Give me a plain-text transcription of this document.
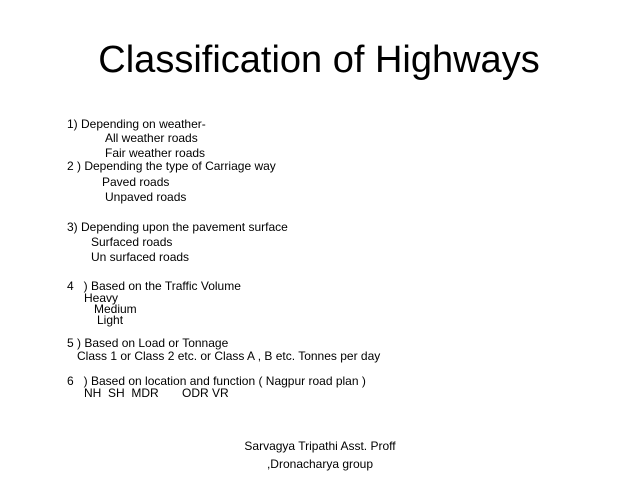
Classification of Highways
1) Depending on weather-
All weather roads
Fair weather roads
2 ) Depending the type of Carriage way
Paved roads
Unpaved roads
3) Depending upon the pavement surface
Surfaced roads
Un surfaced roads
4   ) Based on the Traffic Volume
Heavy
Medium
Light
5 ) Based on Load or Tonnage
Class 1 or Class 2 etc. or Class A , B etc. Tonnes per day
6   ) Based on location and function ( Nagpur road plan )
NH  SH  MDR       ODR VR
Sarvagya Tripathi Asst. Proff
,Dronacharya group
